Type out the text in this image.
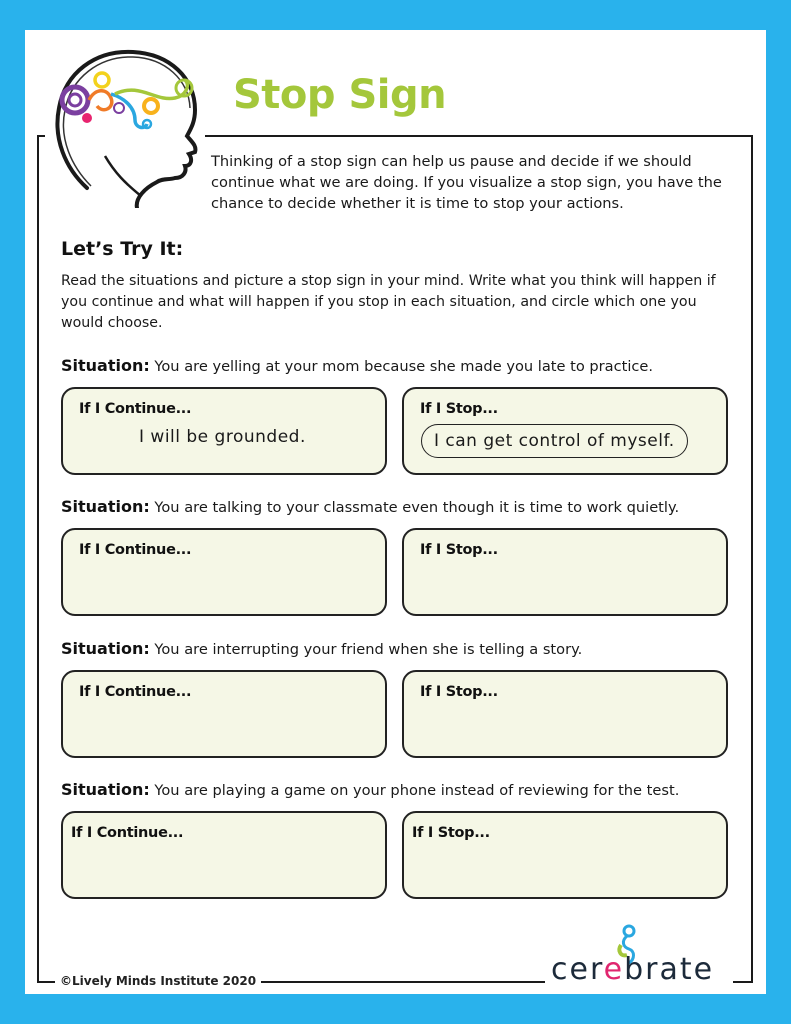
Stop Sign

Thinking of a stop sign can help us pause and decide if we should continue what we are doing. If you visualize a stop sign, you have the chance to decide whether it is time to stop your actions.

Let’s Try It:

Read the situations and picture a stop sign in your mind. Write what you think will happen if you continue and what will happen if you stop in each situation, and circle which one you would choose.

Situation: You are yelling at your mom because she made you late to practice.
If I Continue...
I will be grounded.
If I Stop...
I can get control of myself.
Situation: You are talking to your classmate even though it is time to work quietly.
If I Continue...	If I Stop...
Situation: You are interrupting your friend when she is telling a story.
If I Continue...	If I Stop...
Situation: You are playing a game on your phone instead of reviewing for the test.
If I Continue...	If I Stop...
©Lively Minds Institute 2020	cerebrate
